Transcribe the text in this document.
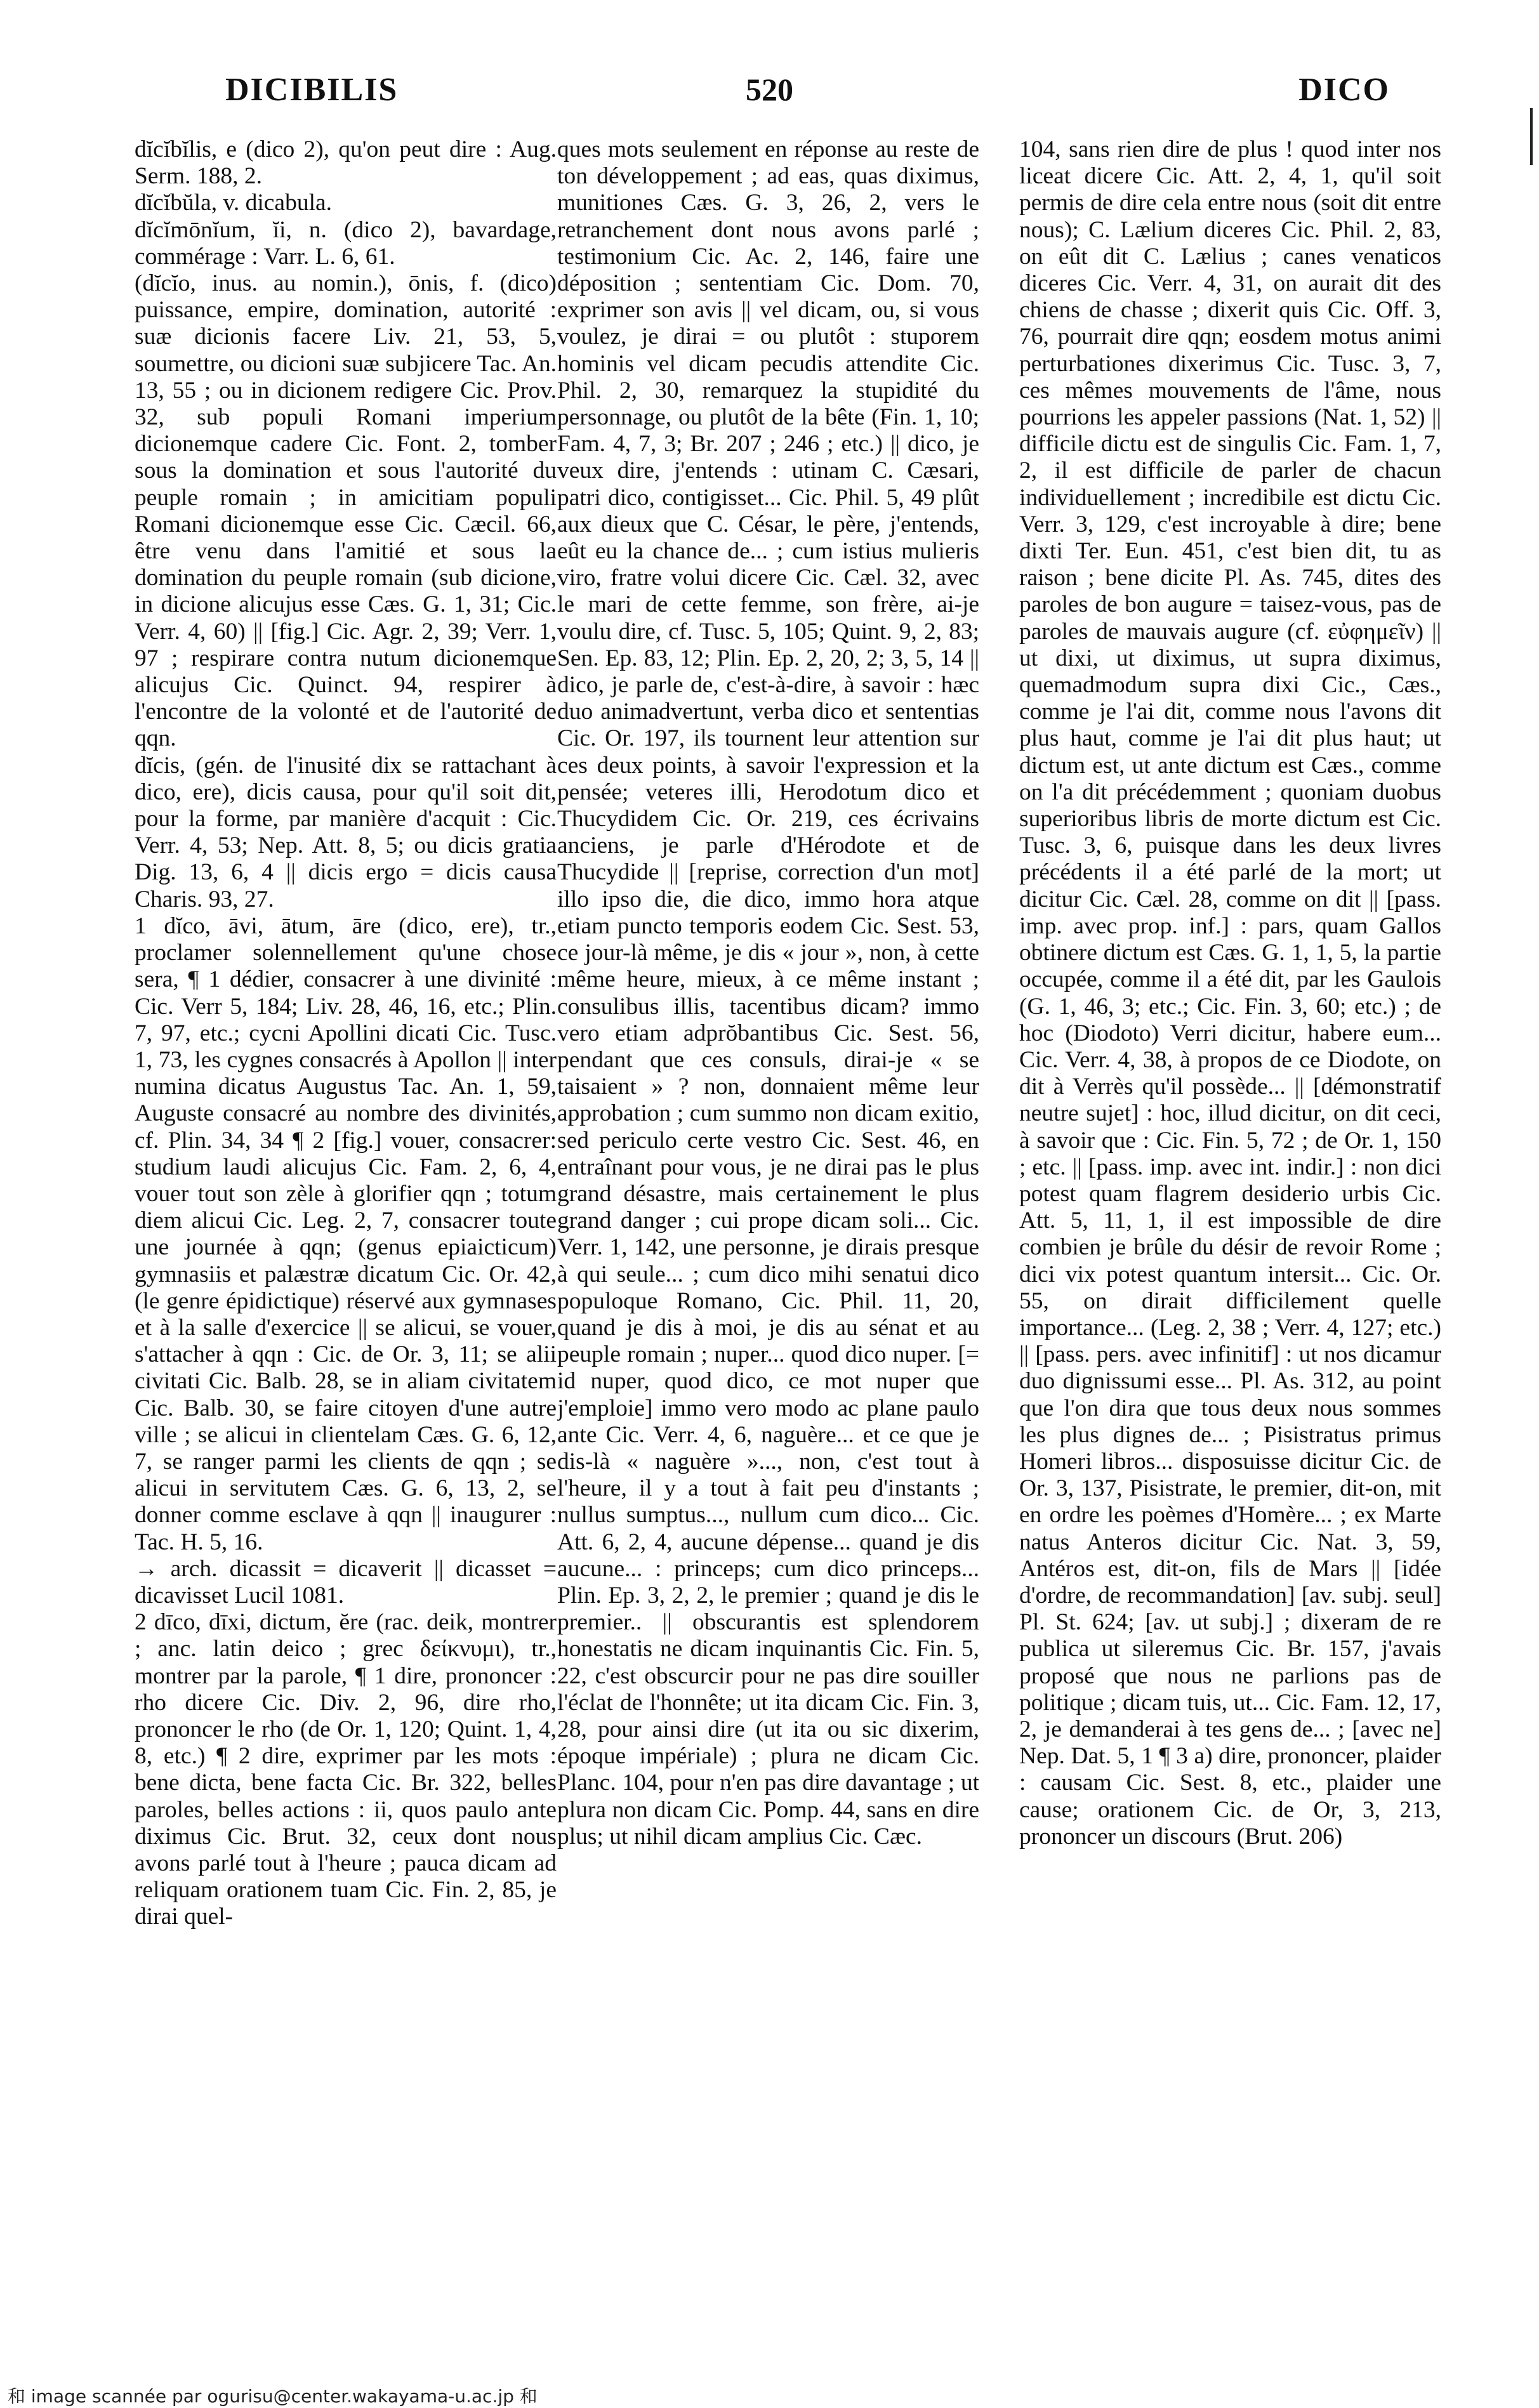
DICIBILIS	520	DICO

dĭcĭbĭlis, e (dico 2), qu'on peut dire : Aug. Serm. 188, 2.

dĭcĭbŭla, v. dicabula.

dĭcĭmōnĭum, ĭi, n. (dico 2), bavardage, commérage : Varr. L. 6, 61.

(dĭcĭo, inus. au nomin.), ōnis, f. (dico) puissance, empire, domination, autorité : suæ dicionis facere Liv. 21, 53, 5, soumettre, ou dicioni suæ subjicere Tac. An. 13, 55 ; ou in dicionem redigere Cic. Prov. 32, sub populi Romani imperium dicionemque cadere Cic. Font. 2, tomber sous la domination et sous l'autorité du peuple romain ; in amicitiam populi Romani dicionemque esse Cic. Cæcil. 66, être venu dans l'amitié et sous la domination du peuple romain (sub dicione, in dicione alicujus esse Cæs. G. 1, 31; Cic. Verr. 4, 60) || [fig.] Cic. Agr. 2, 39; Verr. 1, 97 ; respirare contra nutum dicionemque alicujus Cic. Quinct. 94, respirer à l'encontre de la volonté et de l'autorité de qqn.

dĭcis, (gén. de l'inusité dix se rattachant à dico, ere), dicis causa, pour qu'il soit dit, pour la forme, par manière d'acquit : Cic. Verr. 4, 53; Nep. Att. 8, 5; ou dicis gratia Dig. 13, 6, 4 || dicis ergo = dicis causa Charis. 93, 27.

1 dĭco, āvi, ātum, āre (dico, ere), tr., proclamer solennellement qu'une chose sera, ¶ 1 dédier, consacrer à une divinité : Cic. Verr 5, 184; Liv. 28, 46, 16, etc.; Plin. 7, 97, etc.; cycni Apollini dicati Cic. Tusc. 1, 73, les cygnes consacrés à Apollon || inter numina dicatus Augustus Tac. An. 1, 59, Auguste consacré au nombre des divinités, cf. Plin. 34, 34 ¶ 2 [fig.] vouer, consacrer: studium laudi alicujus Cic. Fam. 2, 6, 4, vouer tout son zèle à glorifier qqn ; totum diem alicui Cic. Leg. 2, 7, consacrer toute une journée à qqn; (genus epiaicticum) gymnasiis et palæstræ dicatum Cic. Or. 42, (le genre épidictique) réservé aux gymnases et à la salle d'exercice || se alicui, se vouer, s'attacher à qqn : Cic. de Or. 3, 11; se alii civitati Cic. Balb. 28, se in aliam civitatem Cic. Balb. 30, se faire citoyen d'une autre ville ; se alicui in clientelam Cæs. G. 6, 12, 7, se ranger parmi les clients de qqn ; se alicui in servitutem Cæs. G. 6, 13, 2, se donner comme esclave à qqn || inaugurer : Tac. H. 5, 16.

→ arch. dicassit = dicaverit || dicasset = dicavisset Lucil 1081.

2 dīco, dīxi, dictum, ĕre (rac. deik, montrer ; anc. latin deico ; grec δείκνυμι), tr., montrer par la parole, ¶ 1 dire, prononcer : rho dicere Cic. Div. 2, 96, dire rho, prononcer le rho (de Or. 1, 120; Quint. 1, 4, 8, etc.) ¶ 2 dire, exprimer par les mots : bene dicta, bene facta Cic. Br. 322, belles paroles, belles actions : ii, quos paulo ante diximus Cic. Brut. 32, ceux dont nous avons parlé tout à l'heure ; pauca dicam ad reliquam orationem tuam Cic. Fin. 2, 85, je dirai quel-

ques mots seulement en réponse au reste de ton développement ; ad eas, quas diximus, munitiones Cæs. G. 3, 26, 2, vers le retranchement dont nous avons parlé ; testimonium Cic. Ac. 2, 146, faire une déposition ; sententiam Cic. Dom. 70, exprimer son avis || vel dicam, ou, si vous voulez, je dirai = ou plutôt : stuporem hominis vel dicam pecudis attendite Cic. Phil. 2, 30, remarquez la stupidité du personnage, ou plutôt de la bête (Fin. 1, 10; Fam. 4, 7, 3; Br. 207 ; 246 ; etc.) || dico, je veux dire, j'entends : utinam C. Cæsari, patri dico, contigisset... Cic. Phil. 5, 49 plût aux dieux que C. César, le père, j'entends, eût eu la chance de... ; cum istius mulieris viro, fratre volui dicere Cic. Cæl. 32, avec le mari de cette femme, son frère, ai-je voulu dire, cf. Tusc. 5, 105; Quint. 9, 2, 83; Sen. Ep. 83, 12; Plin. Ep. 2, 20, 2; 3, 5, 14 || dico, je parle de, c'est-à-dire, à savoir : hæc duo animadvertunt, verba dico et sententias Cic. Or. 197, ils tournent leur attention sur ces deux points, à savoir l'expression et la pensée; veteres illi, Herodotum dico et Thucydidem Cic. Or. 219, ces écrivains anciens, je parle d'Hérodote et de Thucydide || [reprise, correction d'un mot] illo ipso die, die dico, immo hora atque etiam puncto temporis eodem Cic. Sest. 53, ce jour-là même, je dis « jour », non, à cette même heure, mieux, à ce même instant ; consulibus illis, tacentibus dicam? immo vero etiam adprŏbantibus Cic. Sest. 56, pendant que ces consuls, dirai-je « se taisaient » ? non, donnaient même leur approbation ; cum summo non dicam exitio, sed periculo certe vestro Cic. Sest. 46, en entraînant pour vous, je ne dirai pas le plus grand désastre, mais certainement le plus grand danger ; cui prope dicam soli... Cic. Verr. 1, 142, une personne, je dirais presque à qui seule... ; cum dico mihi senatui dico populoque Romano, Cic. Phil. 11, 20, quand je dis à moi, je dis au sénat et au peuple romain ; nuper... quod dico nuper. [= id nuper, quod dico, ce mot nuper que j'emploie] immo vero modo ac plane paulo ante Cic. Verr. 4, 6, naguère... et ce que je dis-là « naguère »..., non, c'est tout à l'heure, il y a tout à fait peu d'instants ; nullus sumptus..., nullum cum dico... Cic. Att. 6, 2, 4, aucune dépense... quand je dis aucune... : princeps; cum dico princeps... Plin. Ep. 3, 2, 2, le premier ; quand je dis le premier.. || obscurantis est splendorem honestatis ne dicam inquinantis Cic. Fin. 5, 22, c'est obscurcir pour ne pas dire souiller l'éclat de l'honnête; ut ita dicam Cic. Fin. 3, 28, pour ainsi dire (ut ita ou sic dixerim, époque impériale) ; plura ne dicam Cic. Planc. 104, pour n'en pas dire davantage ; ut plura non dicam Cic. Pomp. 44, sans en dire plus; ut nihil dicam amplius Cic. Cæc.

104, sans rien dire de plus ! quod inter nos liceat dicere Cic. Att. 2, 4, 1, qu'il soit permis de dire cela entre nous (soit dit entre nous); C. Lælium diceres Cic. Phil. 2, 83, on eût dit C. Lælius ; canes venaticos diceres Cic. Verr. 4, 31, on aurait dit des chiens de chasse ; dixerit quis Cic. Off. 3, 76, pourrait dire qqn; eosdem motus animi perturbationes dixerimus Cic. Tusc. 3, 7, ces mêmes mouvements de l'âme, nous pourrions les appeler passions (Nat. 1, 52) || difficile dictu est de singulis Cic. Fam. 1, 7, 2, il est difficile de parler de chacun individuellement ; incredibile est dictu Cic. Verr. 3, 129, c'est incroyable à dire; bene dixti Ter. Eun. 451, c'est bien dit, tu as raison ; bene dicite Pl. As. 745, dites des paroles de bon augure = taisez-vous, pas de paroles de mauvais augure (cf. εὐφημεῖν) || ut dixi, ut diximus, ut supra diximus, quemadmodum supra dixi Cic., Cæs., comme je l'ai dit, comme nous l'avons dit plus haut, comme je l'ai dit plus haut; ut dictum est, ut ante dictum est Cæs., comme on l'a dit précédemment ; quoniam duobus superioribus libris de morte dictum est Cic. Tusc. 3, 6, puisque dans les deux livres précédents il a été parlé de la mort; ut dicitur Cic. Cæl. 28, comme on dit || [pass. imp. avec prop. inf.] : pars, quam Gallos obtinere dictum est Cæs. G. 1, 1, 5, la partie occupée, comme il a été dit, par les Gaulois (G. 1, 46, 3; etc.; Cic. Fin. 3, 60; etc.) ; de hoc (Diodoto) Verri dicitur, habere eum... Cic. Verr. 4, 38, à propos de ce Diodote, on dit à Verrès qu'il possède... || [démonstratif neutre sujet] : hoc, illud dicitur, on dit ceci, à savoir que : Cic. Fin. 5, 72 ; de Or. 1, 150 ; etc. || [pass. imp. avec int. indir.] : non dici potest quam flagrem desiderio urbis Cic. Att. 5, 11, 1, il est impossible de dire combien je brûle du désir de revoir Rome ; dici vix potest quantum intersit... Cic. Or. 55, on dirait difficilement quelle importance... (Leg. 2, 38 ; Verr. 4, 127; etc.) || [pass. pers. avec infinitif] : ut nos dicamur duo dignissumi esse... Pl. As. 312, au point que l'on dira que tous deux nous sommes les plus dignes de... ; Pisistratus primus Homeri libros... disposuisse dicitur Cic. de Or. 3, 137, Pisistrate, le premier, dit-on, mit en ordre les poèmes d'Homère... ; ex Marte natus Anteros dicitur Cic. Nat. 3, 59, Antéros est, dit-on, fils de Mars || [idée d'ordre, de recommandation] [av. subj. seul] Pl. St. 624; [av. ut subj.] ; dixeram de re publica ut sileremus Cic. Br. 157, j'avais proposé que nous ne parlions pas de politique ; dicam tuis, ut... Cic. Fam. 12, 17, 2, je demanderai à tes gens de... ; [avec ne] Nep. Dat. 5, 1 ¶ 3 a) dire, prononcer, plaider : causam Cic. Sest. 8, etc., plaider une cause; orationem Cic. de Or, 3, 213, prononcer un discours (Brut. 206)

和 image scannée par ogurisu@center.wakayama-u.ac.jp 和
